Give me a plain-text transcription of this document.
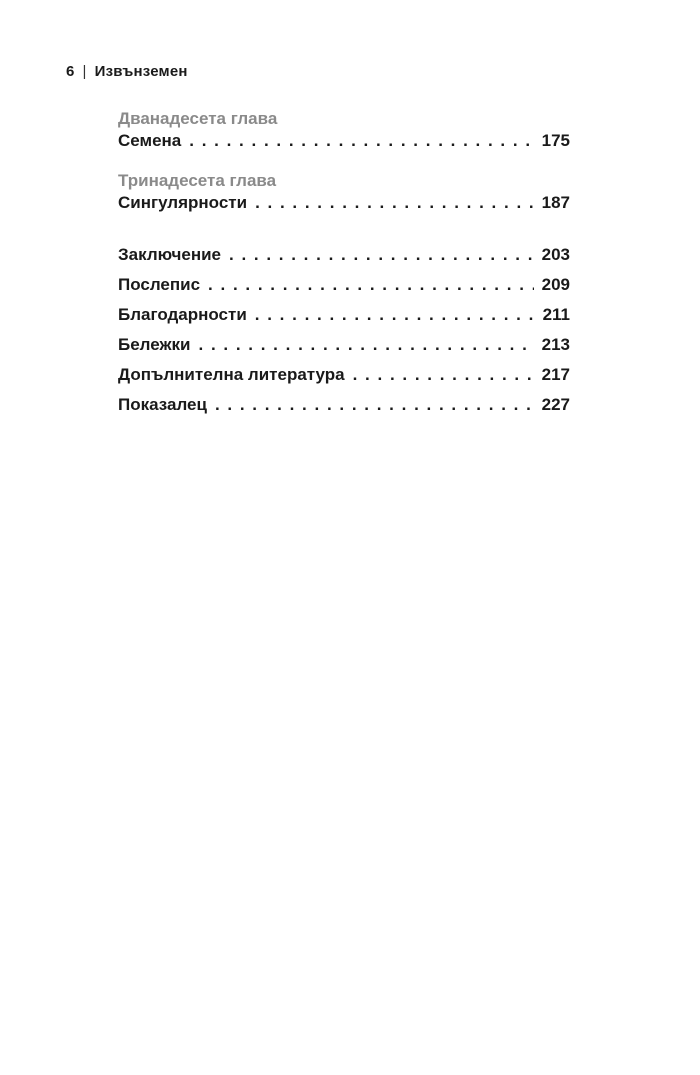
6 | Извънземен
Дванадесета глава
Семена . . .	175
Тринадесета глава
Сингулярности . . .	187
Заключение . . .	203
Послепис . . .	209
Благодарности . . .	211
Бележки . . .	213
Допълнителна литература . . .	217
Показалец . . .	227
